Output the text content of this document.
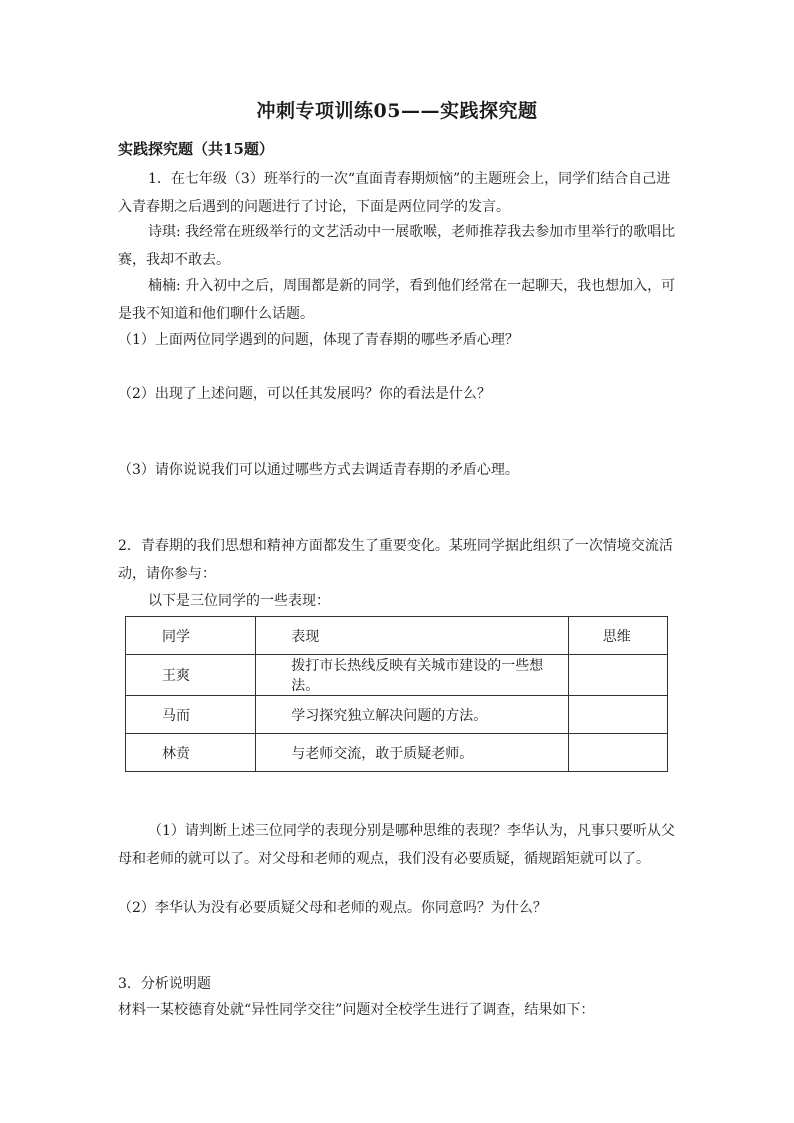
冲刺专项训练05——实践探究题
实践探究题（共15题）
1．在七年级（3）班举行的一次“直面青春期烦恼”的主题班会上，同学们结合自己进入青春期之后遇到的问题进行了讨论，下面是两位同学的发言。
诗琪: 我经常在班级举行的文艺活动中一展歌喉，老师推荐我去参加市里举行的歌唱比赛，我却不敢去。
楠楠: 升入初中之后，周围都是新的同学，看到他们经常在一起聊天，我也想加入，可是我不知道和他们聊什么话题。
（1）上面两位同学遇到的问题，体现了青春期的哪些矛盾心理？
（2）出现了上述问题，可以任其发展吗？你的看法是什么？
（3）请你说说我们可以通过哪些方式去调适青春期的矛盾心理。
2．青春期的我们思想和精神方面都发生了重要变化。某班同学据此组织了一次情境交流活动，请你参与：
以下是三位同学的一些表现：
同学	表现	思维
王爽	拨打市长热线反映有关城市建设的一些想法。	
马而	学习探究独立解决问题的方法。	
林贲	与老师交流，敢于质疑老师。	
（1）请判断上述三位同学的表现分别是哪种思维的表现？李华认为，凡事只要听从父母和老师的就可以了。对父母和老师的观点，我们没有必要质疑，循规蹈矩就可以了。
（2）李华认为没有必要质疑父母和老师的观点。你同意吗？为什么？
3．分析说明题
材料一某校德育处就“异性同学交往”问题对全校学生进行了调查，结果如下：
